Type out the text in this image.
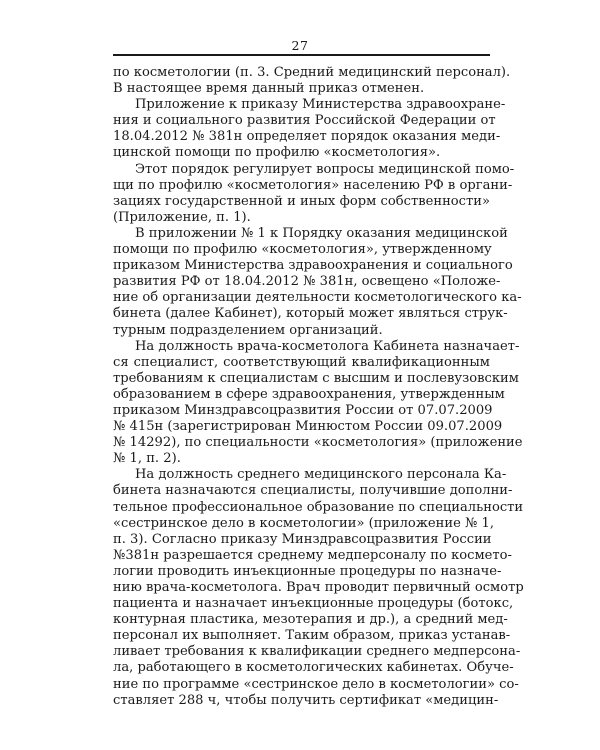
27
по косметологии (п. 3. Средний медицинский персонал).
В настоящее время данный приказ отменен.
Приложение к приказу Министерства здравоохране-
ния и социального развития Российской Федерации от
18.04.2012 № 381н определяет порядок оказания меди-
цинской помощи по профилю «косметология».
Этот порядок регулирует вопросы медицинской помо-
щи по профилю «косметология» населению РФ в органи-
зациях государственной и иных форм собственности»
(Приложение, п. 1).
В приложении № 1 к Порядку оказания медицинской
помощи по профилю «косметология», утвержденному
приказом Министерства здравоохранения и социального
развития РФ от 18.04.2012 № 381н, освещено «Положе-
ние об организации деятельности косметологического ка-
бинета (далее Кабинет), который может являться струк-
турным подразделением организаций.
На должность врача-косметолога Кабинета назначает-
ся специалист, соответствующий квалификационным
требованиям к специалистам с высшим и послевузовским
образованием в сфере здравоохранения, утвержденным
приказом Минздравсоцразвития России от 07.07.2009
№ 415н (зарегистрирован Минюстом России 09.07.2009
№ 14292), по специальности «косметология» (приложение
№ 1, п. 2).
На должность среднего медицинского персонала Ка-
бинета назначаются специалисты, получившие дополни-
тельное профессиональное образование по специальности
«сестринское дело в косметологии» (приложение № 1,
п. 3). Согласно приказу Минздравсоцразвития России
№381н разрешается среднему медперсоналу по космето-
логии проводить инъекционные процедуры по назначе-
нию врача-косметолога. Врач проводит первичный осмотр
пациента и назначает инъекционные процедуры (ботокс,
контурная пластика, мезотерапия и др.), а средний мед-
персонал их выполняет. Таким образом, приказ устанав-
ливает требования к квалификации среднего медперсона-
ла, работающего в косметологических кабинетах. Обуче-
ние по программе «сестринское дело в косметологии» со-
ставляет 288 ч, чтобы получить сертификат «медицин-
